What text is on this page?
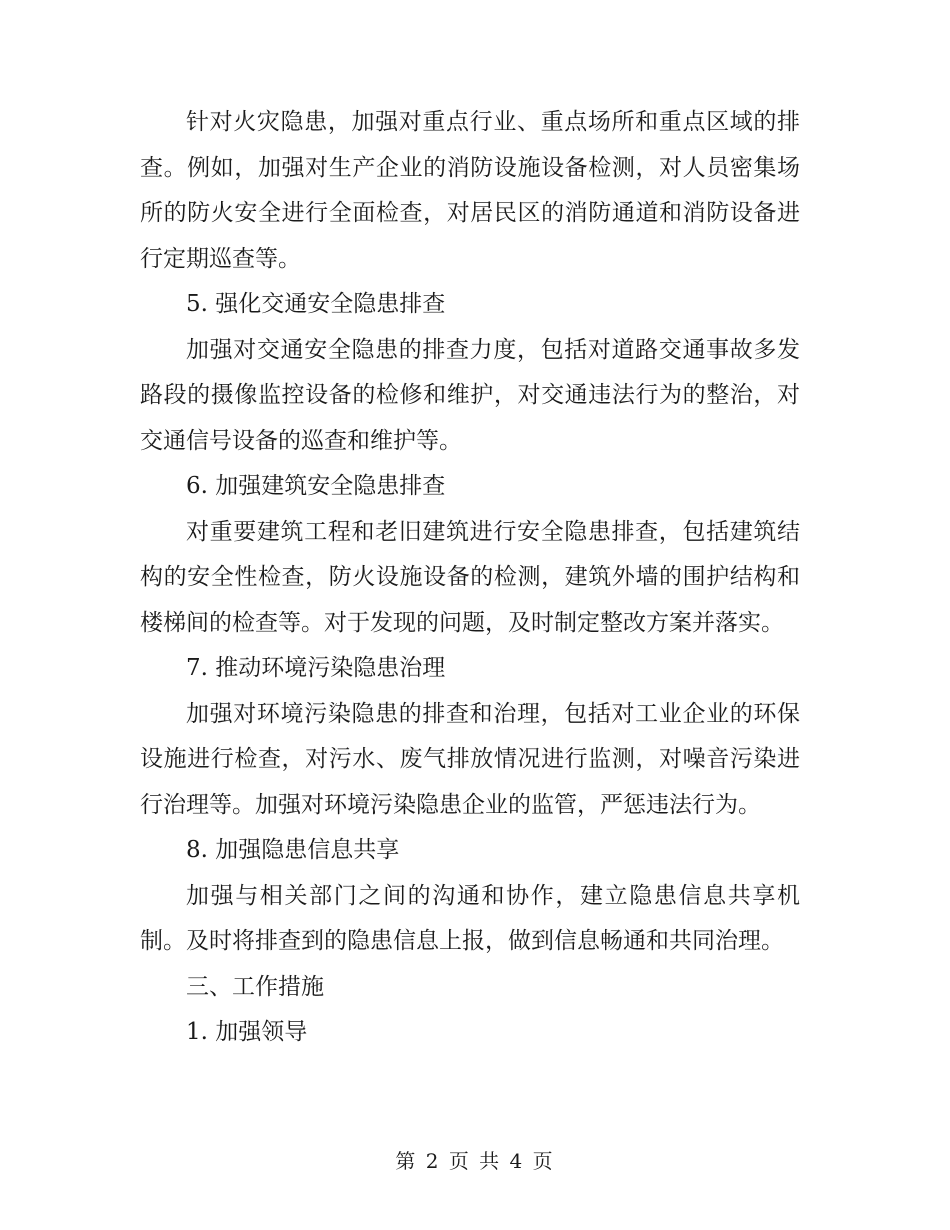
针对火灾隐患，加强对重点行业、重点场所和重点区域的排查。例如，加强对生产企业的消防设施设备检测，对人员密集场所的防火安全进行全面检查，对居民区的消防通道和消防设备进行定期巡查等。

5. 强化交通安全隐患排查

加强对交通安全隐患的排查力度，包括对道路交通事故多发路段的摄像监控设备的检修和维护，对交通违法行为的整治，对交通信号设备的巡查和维护等。

6. 加强建筑安全隐患排查

对重要建筑工程和老旧建筑进行安全隐患排查，包括建筑结构的安全性检查，防火设施设备的检测，建筑外墙的围护结构和楼梯间的检查等。对于发现的问题，及时制定整改方案并落实。

7. 推动环境污染隐患治理

加强对环境污染隐患的排查和治理，包括对工业企业的环保设施进行检查，对污水、废气排放情况进行监测，对噪音污染进行治理等。加强对环境污染隐患企业的监管，严惩违法行为。

8. 加强隐患信息共享

加强与相关部门之间的沟通和协作，建立隐患信息共享机制。及时将排查到的隐患信息上报，做到信息畅通和共同治理。

三、工作措施

1. 加强领导

第 2 页 共 4 页
